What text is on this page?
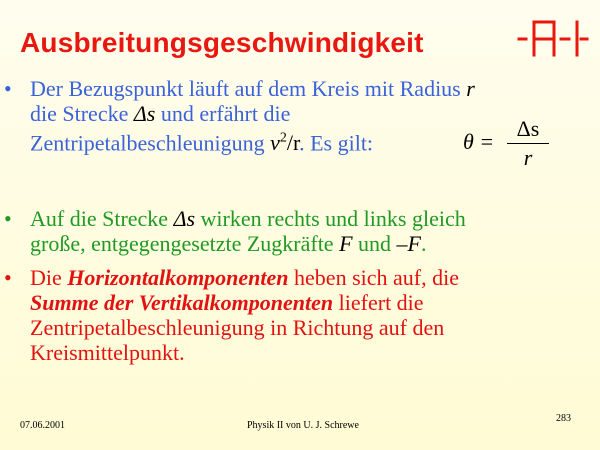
Ausbreitungsgeschwindigkeit
• Der Bezugspunkt läuft auf dem Kreis mit Radius r
die Strecke Δs und erfährt die
Zentripetalbeschleunigung $v^2/r$. Es gilt:	θ =
Δs
r
• Auf die Strecke Δs wirken rechts und links gleich
große, entgegengesetzte Zugkräfte F und –F.
• Die Horizontalkomponenten heben sich auf, die
Summe der Vertikalkomponenten liefert die
Zentripetalbeschleunigung in Richtung auf den
Kreismittelpunkt.
07.06.2001	Physik II von U. J. Schrewe
283
